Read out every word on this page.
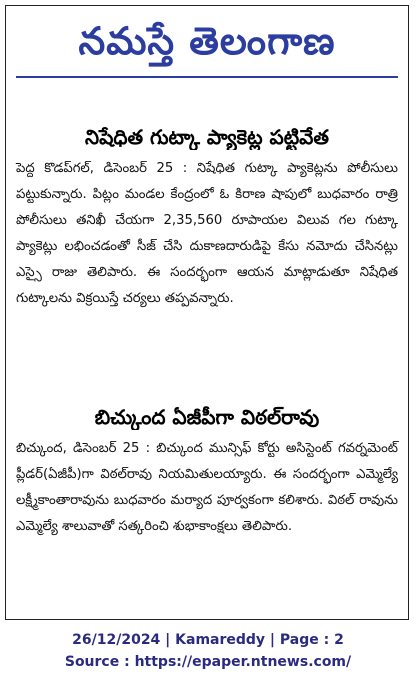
నమస్తే తెలంగాణ
నిషేధిత గుట్కా ప్యాకెట్ల పట్టివేత
పెద్ద కొడప్‌గల్‌, డిసెంబర్‌ 25 : నిషేధిత గుట్కా ప్యాకెట్లను పోలీసులు పట్టుకున్నారు. పిట్లం మండల కేంద్రంలో ఓ కిరాణ షాపులో బుధవారం రాత్రి పోలీసులు తనిఖీ చేయగా 2,35,560 రూపాయల విలువ గల గుట్కా ప్యాకెట్లు లభించడంతో సీజ్‌ చేసి దుకాణదారుడిపై కేసు నమోదు చేసినట్లు ఎస్సై రాజు తెలిపారు. ఈ సందర్భంగా ఆయన మాట్లాడుతూ నిషేధిత గుట్కాలను విక్రయిస్తే చర్యలు తప్పవన్నారు.
బిచ్కుంద ఏజీపీగా విఠల్‌రావు
బిచ్కుంద, డిసెంబర్‌ 25 : బిచ్కుంద మున్సిఫ్‌ కోర్టు అసిస్టెంట్‌ గవర్నమెంట్‌ ప్లీడర్‌(ఏజీపీ)గా విఠల్‌రావు నియమితులయ్యారు. ఈ సందర్భంగా ఎమ్మెల్యే లక్ష్మీకాంతారావును బుధవారం మర్యాద పూర్వకంగా కలిశారు. విఠల్‌ రావును ఎమ్మెల్యే శాలువాతో సత్కరించి శుభాకాంక్షలు తెలిపారు.
26/12/2024 | Kamareddy | Page : 2
Source : https://epaper.ntnews.com/
